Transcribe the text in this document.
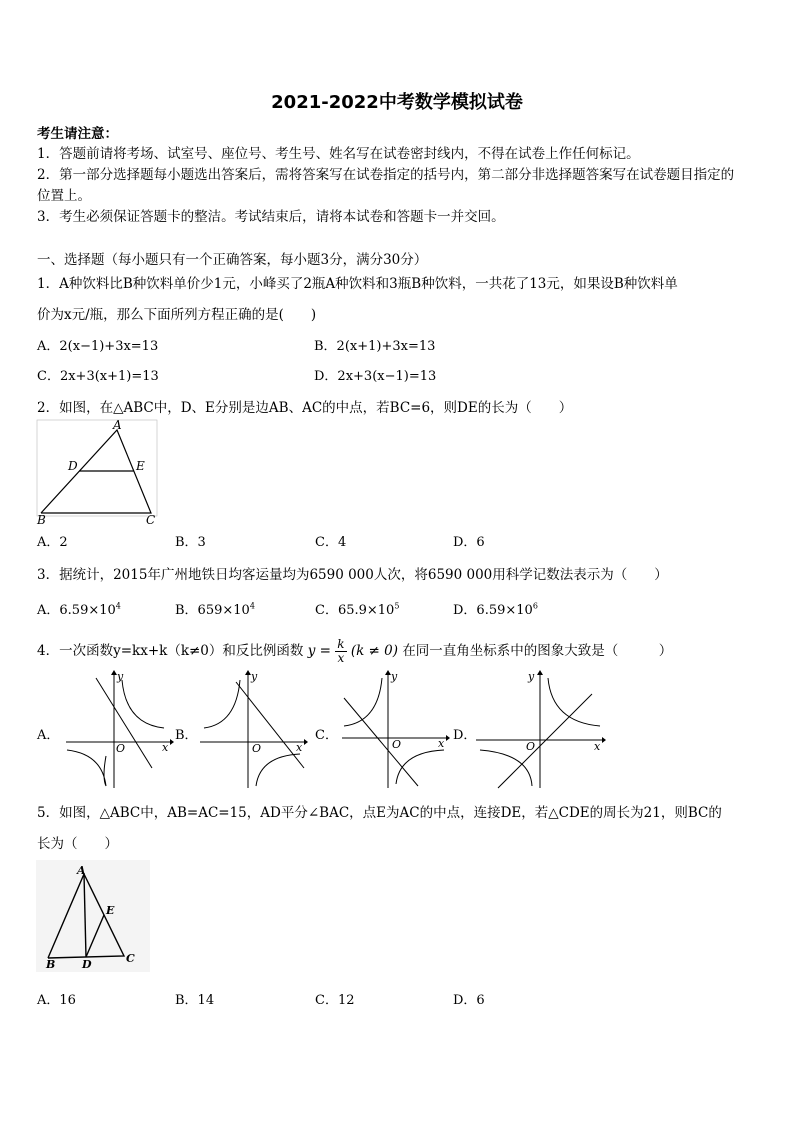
2021-2022中考数学模拟试卷
考生请注意：
1．答题前请将考场、试室号、座位号、考生号、姓名写在试卷密封线内，不得在试卷上作任何标记。
2．第一部分选择题每小题选出答案后，需将答案写在试卷指定的括号内，第二部分非选择题答案写在试卷题目指定的
位置上。
3．考生必须保证答题卡的整洁。考试结束后，请将本试卷和答题卡一并交回。
一、选择题（每小题只有一个正确答案，每小题3分，满分30分）
1．A种饮料比B种饮料单价少1元，小峰买了2瓶A种饮料和3瓶B种饮料，一共花了13元，如果设B种饮料单
价为x元/瓶，那么下面所列方程正确的是(　　)
A．2(x−1)+3x=13	B．2(x+1)+3x=13
C．2x+3(x+1)=13	D．2x+3(x−1)=13
2．如图，在△ABC中，D、E分别是边AB、AC的中点，若BC=6，则DE的长为（　　）
A
D	E
B	C
A．2	B．3	C．4	D．6
3．据统计，2015年广州地铁日均客运量均为6590 000人次，将6590 000用科学记数法表示为（　　）
A．$6.59\times 10^4$	B．$659\times 10^4$	C．$65.9\times 10^5$	D．$6.59\times 10^6$
4．一次函数y=kx+k（k≠0）和反比例函数 $y = \frac{k}{x} (k \ne 0)$ 在同一直角坐标系中的图象大致是（　　　）
A．
y
x
O
B．
y
x
O
C．
y
x
O
D．
y
x
O
5．如图，△ABC中，AB=AC=15，AD平分∠BAC，点E为AC的中点，连接DE，若△CDE的周长为21，则BC的
长为（　　）
A
E
B D	C
A．16	B．14	C．12	D．6
